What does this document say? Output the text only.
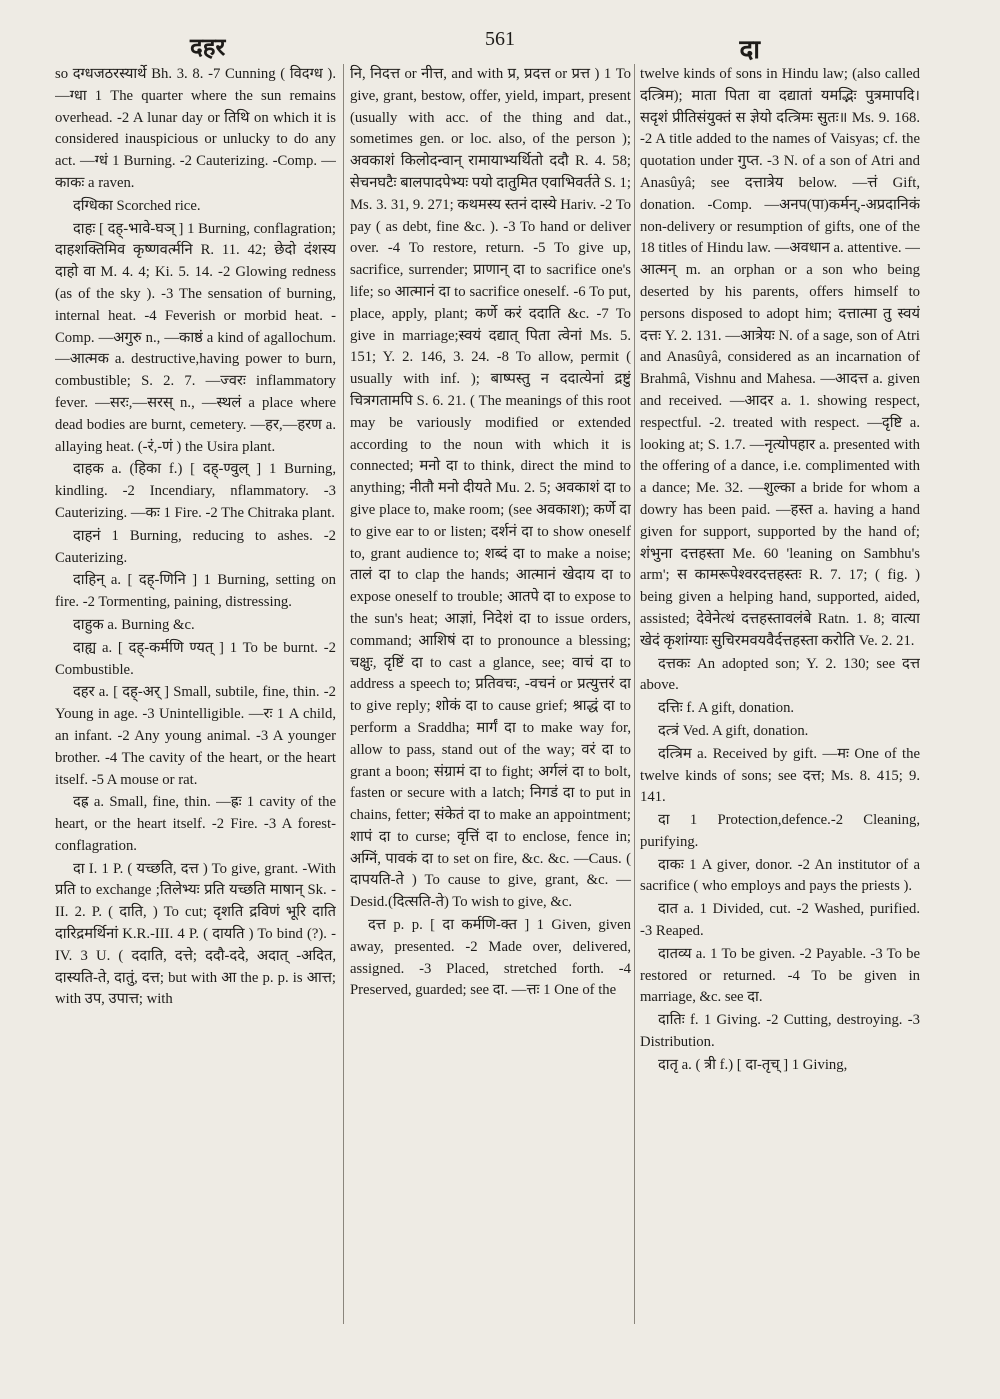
दहर	561	दा

so दग्धजठरस्यार्थे Bh. 3. 8. -7 Cunning ( विदग्ध ). —ग्धा 1 The quarter where the sun remains overhead. -2 A lunar day or तिथि on which it is considered inauspicious or unlucky to do any act. —ग्धं 1 Burning. -2 Cauterizing. -Comp. —काकः a raven.

दग्धिका Scorched rice.

दाहः [ दह्-भावे-घञ् ] 1 Burning, conflagration; दाहशक्तिमिव कृष्णवर्त्मनि R. 11. 42; छेदो दंशस्य दाहो वा M. 4. 4; Ki. 5. 14. -2 Glowing redness (as of the sky ). -3 The sensation of burning, internal heat. -4 Feverish or morbid heat. -Comp. —अगुरु n., —काष्ठं a kind of agallochum.—आत्मक a. destructive,having power to burn, combustible; S. 2. 7. —ज्वरः inflammatory fever. —सरः,—सरस् n., —स्थलं a place where dead bodies are burnt, cemetery. —हर,—हरण a. allaying heat. (-रं,-णं ) the Usira plant.

दाहक a. (हिका f.) [ दह्-ण्वुल् ] 1 Burning, kindling. -2 Incendiary, nflammatory. -3 Cauterizing. —कः 1 Fire. -2 The Chitraka plant.

दाहनं 1 Burning, reducing to ashes. -2 Cauterizing.

दाहिन् a. [ दह्-णिनि ] 1 Burning, setting on fire. -2 Tormenting, paining, distressing.

दाहुक a. Burning &c.

दाह्य a. [ दह्-कर्मणि ण्यत् ] 1 To be burnt. -2 Combustible.

दहर a. [ दह्-अर् ] Small, subtile, fine, thin. -2 Young in age. -3 Unintelligible. —रः 1 A child, an infant. -2 Any young animal. -3 A younger brother. -4 The cavity of the heart, or the heart itself. -5 A mouse or rat.

दह्र a. Small, fine, thin. —ह्रः 1 cavity of the heart, or the heart itself. -2 Fire. -3 A forest-conflagration.

दा I. 1 P. ( यच्छति, दत्त ) To give, grant. -With प्रति to exchange ;तिलेभ्यः प्रति यच्छति माषान् Sk. -II. 2. P. ( दाति, ) To cut; दृशति द्रविणं भूरि दाति दारिद्रमर्थिनां K.R.-III. 4 P. ( दायति ) To bind (?). -IV. 3 U. ( ददाति, दत्ते; ददौ-ददे, अदात् -अदित, दास्यति-ते, दातुं, दत्त; but with आ the p. p. is आत्त; with उप, उपात्त; with

नि, निदत्त or नीत्त, and with प्र, प्रदत्त or प्रत्त ) 1 To give, grant, bestow, offer, yield, impart, present (usually with acc. of the thing and dat., sometimes gen. or loc. also, of the person ); अवकाशं किलोदन्वान् रामायाभ्यर्थितो ददौ R. 4. 58; सेचनघटैः बालपादपेभ्यः पयो दातुमित एवाभिवर्तते S. 1; Ms. 3. 31, 9. 271; कथमस्य स्तनं दास्ये Hariv. -2 To pay ( as debt, fine &c. ). -3 To hand or deliver over. -4 To restore, return. -5 To give up, sacrifice, surrender; प्राणान् दा to sacrifice one's life; so आत्मानं दा to sacrifice oneself. -6 To put, place, apply, plant; कर्णे करं ददाति &c. -7 To give in marriage;स्वयं दद्यात् पिता त्वेनां Ms. 5. 151; Y. 2. 146, 3. 24. -8 To allow, permit ( usually with inf. ); बाष्पस्तु न ददात्येनां द्रष्टुं चित्रगतामपि S. 6. 21. ( The meanings of this root may be variously modified or extended according to the noun with which it is connected; मनो दा to think, direct the mind to anything; नीतौ मनो दीयते Mu. 2. 5; अवकाशं दा to give place to, make room; (see अवकाश); कर्णे दा to give ear to or listen; दर्शनं दा to show oneself to, grant audience to; शब्दं दा to make a noise; तालं दा to clap the hands; आत्मानं खेदाय दा to expose oneself to trouble; आतपे दा to expose to the sun's heat; आज्ञां, निदेशं दा to issue orders, command; आशिषं दा to pronounce a blessing; चक्षुः, दृष्टिं दा to cast a glance, see; वाचं दा to address a speech to; प्रतिवचः, -वचनं or प्रत्युत्तरं दा to give reply; शोकं दा to cause grief; श्राद्धं दा to perform a Sraddha; मार्गं दा to make way for, allow to pass, stand out of the way; वरं दा to grant a boon; संग्रामं दा to fight; अर्गलं दा to bolt, fasten or secure with a latch; निगडं दा to put in chains, fetter; संकेतं दा to make an appointment; शापं दा to curse; वृत्तिं दा to enclose, fence in; अग्निं, पावकं दा to set on fire, &c. &c. —Caus. ( दापयति-ते ) To cause to give, grant, &c. —Desid.(दित्सति-ते) To wish to give, &c.

दत्त p. p. [ दा कर्मणि-क्त ] 1 Given, given away, presented. -2 Made over, delivered, assigned. -3 Placed, stretched forth. -4 Preserved, guarded; see दा. —त्तः 1 One of the

twelve kinds of sons in Hindu law; (also called दत्त्रिम); माता पिता वा दद्यातां यमद्भिः पुत्रमापदि। सदृशं प्रीतिसंयुक्तं स ज्ञेयो दत्त्रिमः सुतः॥ Ms. 9. 168. -2 A title added to the names of Vaisyas; cf. the quotation under गुप्त. -3 N. of a son of Atri and Anasûyâ; see दत्तात्रेय below. —त्तं Gift, donation. -Comp. —अनप(पा)कर्मन्,-अप्रदानिकं non-delivery or resumption of gifts, one of the 18 titles of Hindu law. —अवधान a. attentive. —आत्मन् m. an orphan or a son who being deserted by his parents, offers himself to persons disposed to adopt him; दत्तात्मा तु स्वयं दत्तः Y. 2. 131. —आत्रेयः N. of a sage, son of Atri and Anasûyâ, considered as an incarnation of Brahmâ, Vishnu and Mahesa. —आदत्त a. given and received. —आदर a. 1. showing respect, respectful. -2. treated with respect. —दृष्टि a. looking at; S. 1.7. —नृत्योपहार a. presented with the offering of a dance, i.e. complimented with a dance; Me. 32. —शुल्का a bride for whom a dowry has been paid. —हस्त a. having a hand given for support, supported by the hand of; शंभुना दत्तहस्ता Me. 60 'leaning on Sambhu's arm'; स कामरूपेश्वरदत्तहस्तः R. 7. 17; ( fig. ) being given a helping hand, supported, aided, assisted; देवेनेत्थं दत्तहस्तावलंबे Ratn. 1. 8; वात्या खेदं कृशांग्याः सुचिरमवयवैर्दत्तहस्ता करोति Ve. 2. 21.

दत्तकः An adopted son; Y. 2. 130; see दत्त above.

दत्तिः f. A gift, donation.

दत्त्रं Ved. A gift, donation.

दत्त्रिम a. Received by gift. —मः One of the twelve kinds of sons; see दत्त; Ms. 8. 415; 9. 141.

दा 1 Protection,defence.-2 Cleaning, purifying.

दाकः 1 A giver, donor. -2 An institutor of a sacrifice ( who employs and pays the priests ).

दात a. 1 Divided, cut. -2 Washed, purified. -3 Reaped.

दातव्य a. 1 To be given. -2 Payable. -3 To be restored or returned. -4 To be given in marriage, &c. see दा.

दातिः f. 1 Giving. -2 Cutting, destroying. -3 Distribution.

दातृ a. ( त्री f.) [ दा-तृच् ] 1 Giving,
